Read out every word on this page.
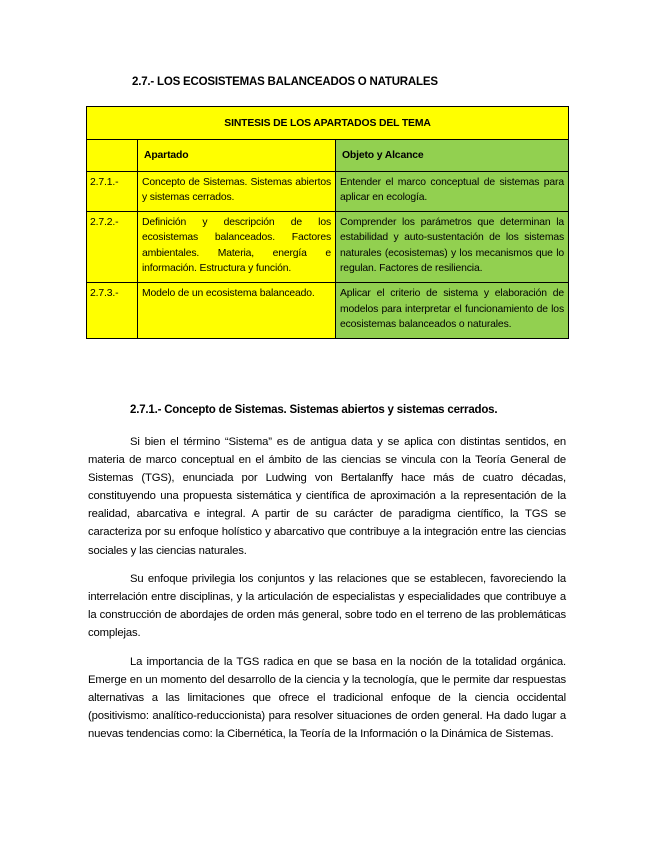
2.7.- LOS ECOSISTEMAS BALANCEADOS O NATURALES
SINTESIS DE LOS APARTADOS DEL TEMA		
	Apartado	Objeto y Alcance
2.7.1.-	Concepto de Sistemas. Sistemas abiertos y sistemas cerrados.	Entender el marco conceptual de sistemas para aplicar en ecología.
2.7.2.-	Definición y descripción de los ecosistemas balanceados. Factores ambientales. Materia, energía e información. Estructura y función.	Comprender los parámetros que determinan la estabilidad y auto-sustentación de los sistemas naturales (ecosistemas) y los mecanismos que lo regulan. Factores de resiliencia.
2.7.3.-	Modelo de un ecosistema balanceado.	Aplicar el criterio de sistema y elaboración de modelos para interpretar el funcionamiento de los ecosistemas balanceados o naturales.
2.7.1.- Concepto de Sistemas. Sistemas abiertos y sistemas cerrados.
Si bien el término “Sistema” es de antigua data y se aplica con distintas sentidos, en materia de marco conceptual en el ámbito de las ciencias se vincula con la Teoría General de Sistemas (TGS), enunciada por Ludwing von Bertalanffy hace más de cuatro décadas, constituyendo una propuesta sistemática y científica de aproximación a la representación de la realidad, abarcativa e integral. A partir de su carácter de paradigma científico, la TGS se caracteriza por su enfoque holístico y abarcativo que contribuye a la integración entre las ciencias sociales y las ciencias naturales.
Su enfoque privilegia los conjuntos y las relaciones que se establecen, favoreciendo la interrelación entre disciplinas, y la articulación de especialistas y especialidades que contribuye a la construcción de abordajes de orden más general, sobre todo en el terreno de las problemáticas complejas.
La importancia de la TGS radica en que se basa en la noción de la totalidad orgánica. Emerge en un momento del desarrollo de la ciencia y la tecnología, que le permite dar respuestas alternativas a las limitaciones que ofrece el tradicional enfoque de la ciencia occidental (positivismo: analítico-reduccionista) para resolver situaciones de orden general. Ha dado lugar a nuevas tendencias como: la Cibernética, la Teoría de la Información o la Dinámica de Sistemas.
